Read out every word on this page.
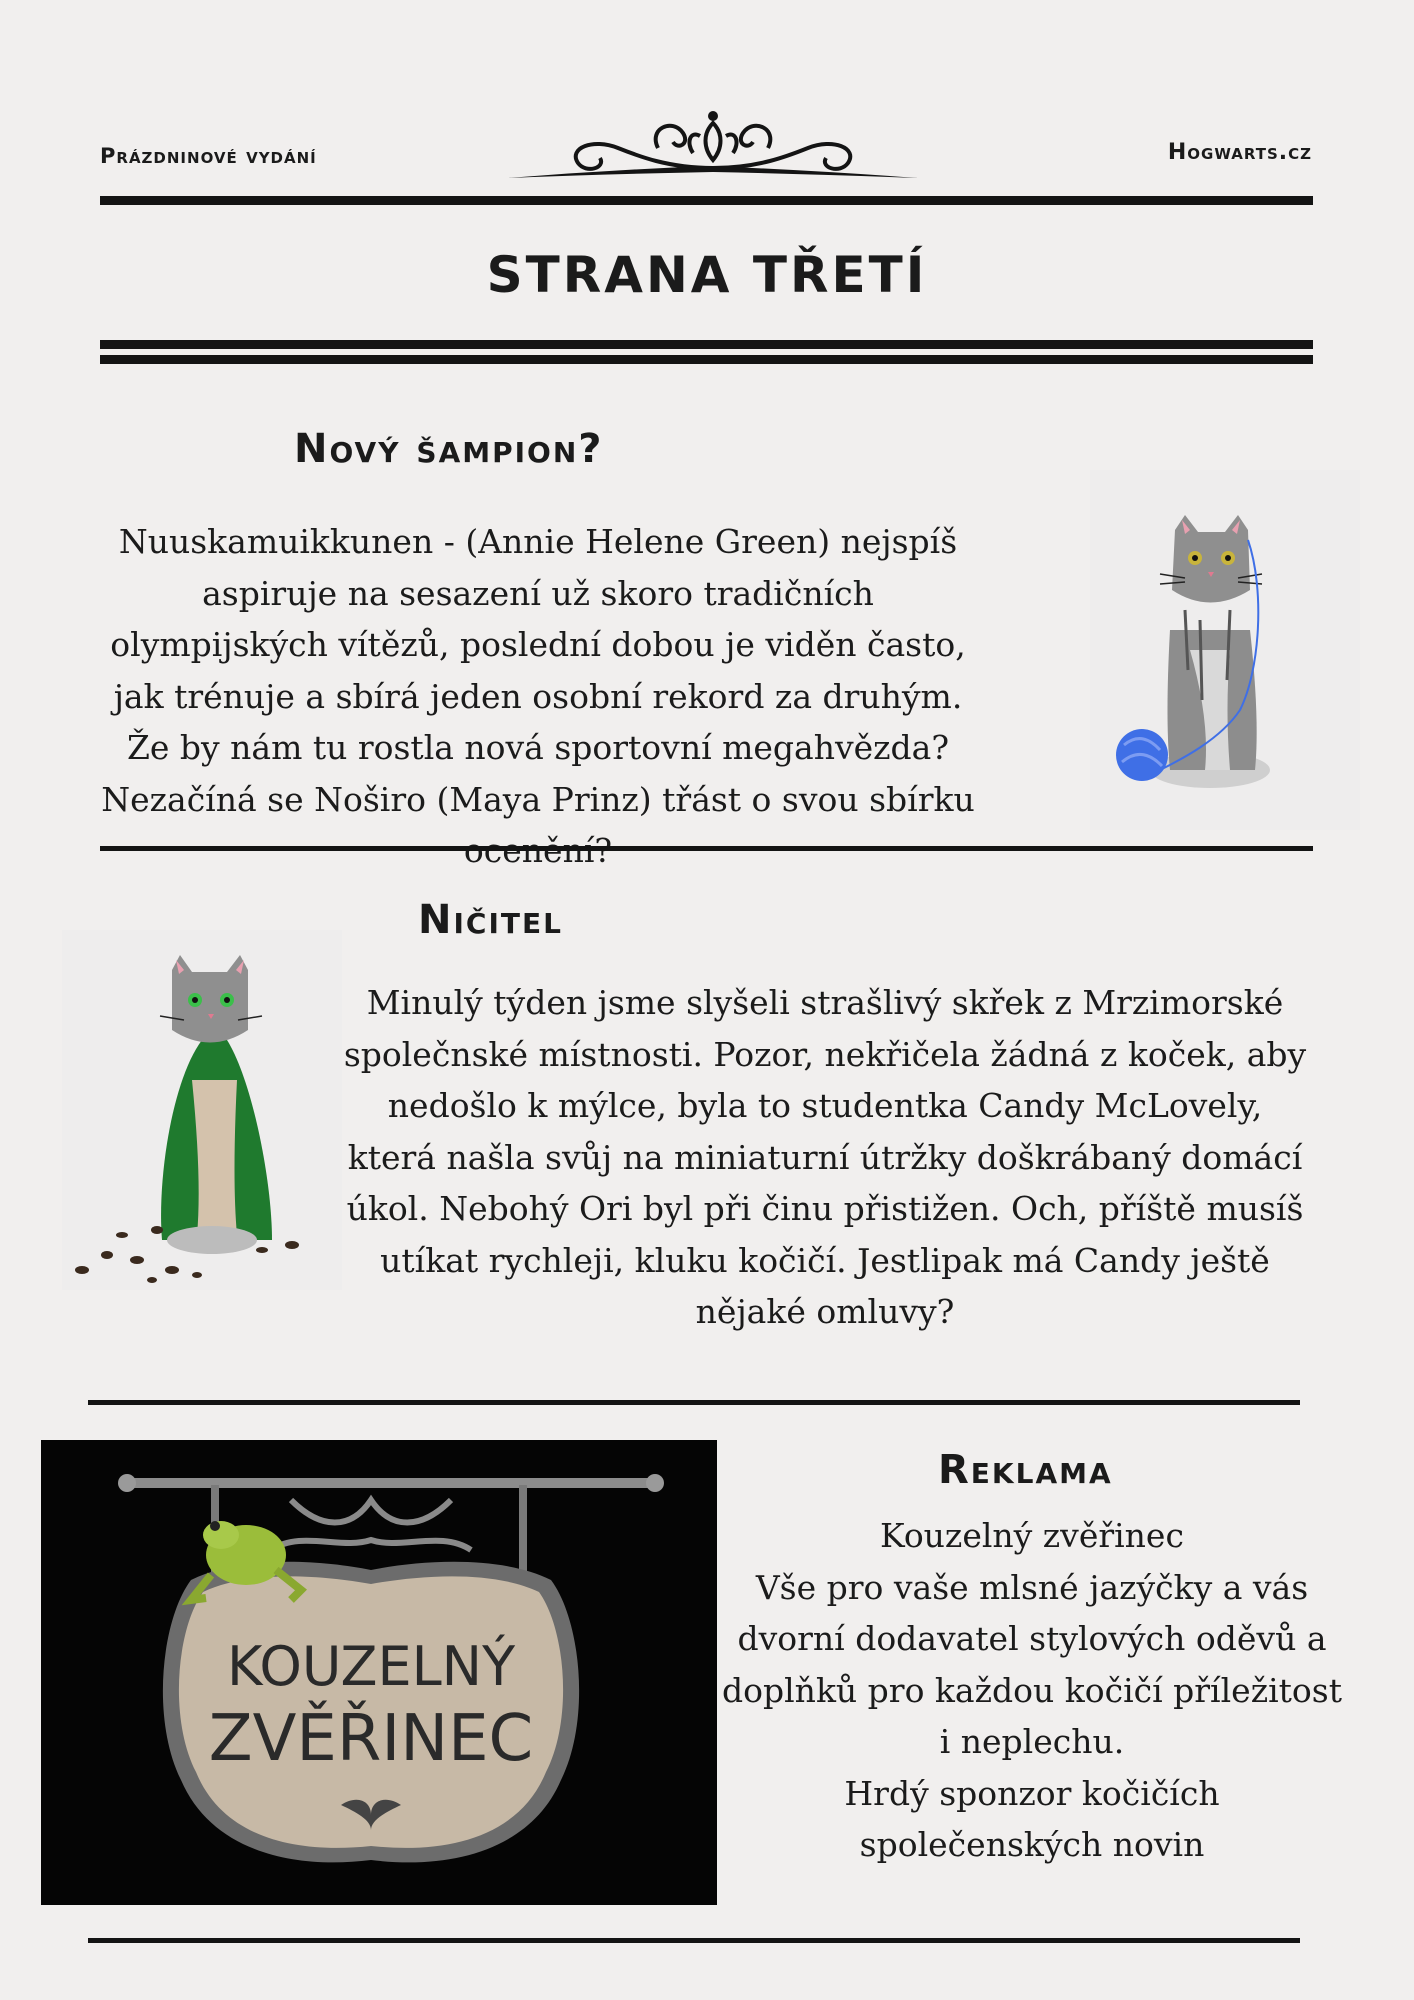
Prázdninové vydání	Hogwarts.cz
STRANA TŘETÍ
Nový šampion?
Nuuskamuikkunen - (Annie Helene Green) nejspíš aspiruje na sesazení už skoro tradičních olympijských vítězů, poslední dobou je viděn často, jak trénuje a sbírá jeden osobní rekord za druhým. Že by nám tu rostla nová sportovní megahvězda? Nezačíná se Noširo (Maya Prinz) třást o svou sbírku
Ničitel
Minulý týden jsme slyšeli strašlivý skřek z Mrzimorské společnské místnosti. Pozor, nekřičela žádná z koček, aby nedošlo k mýlce, byla to studentka Candy McLovely, která našla svůj na miniaturní útržky doškrábaný domácí úkol. Nebohý Ori byl při činu přistižen. Och, příště musíš utíkat rychleji, kluku kočičí. Jestlipak má Candy ještě nějaké omluvy?
KOUZELNÝ
ZVĚŘINEC
Reklama
Kouzelný zvěřinec
Vše pro vaše mlsné jazýčky a vás dvorní dodavatel stylových oděvů a doplňků pro každou kočičí příležitost i neplechu.
Hrdý sponzor kočičích společenských novin
